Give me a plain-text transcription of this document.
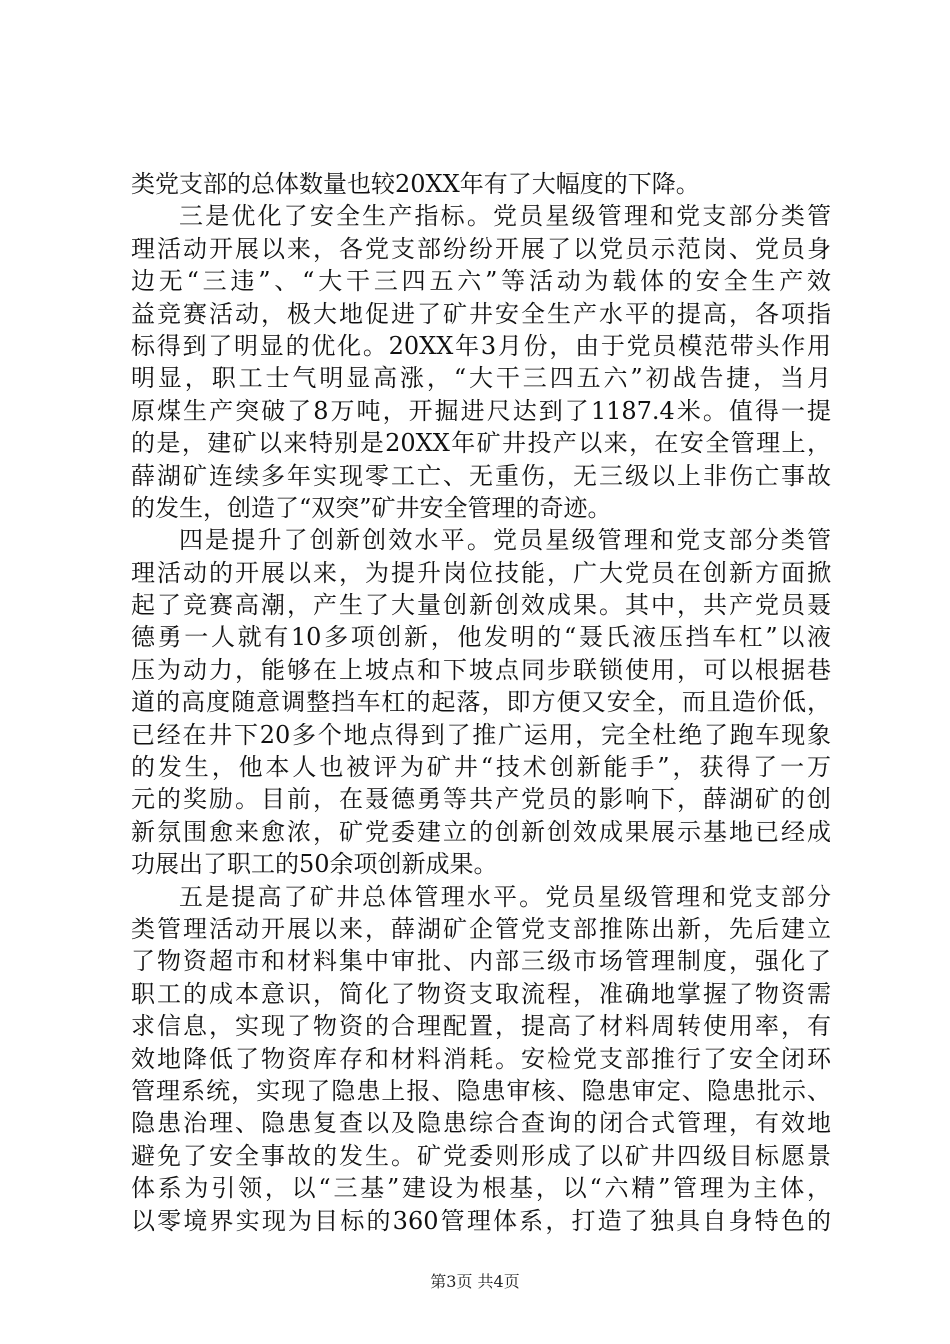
类党支部的总体数量也较20XX年有了大幅度的下降。
三是优化了安全生产指标。党员星级管理和党支部分类管
理活动开展以来，各党支部纷纷开展了以党员示范岗、党员身
边无“三违”、“大干三四五六”等活动为载体的安全生产效
益竞赛活动，极大地促进了矿井安全生产水平的提高，各项指
标得到了明显的优化。20XX年3月份，由于党员模范带头作用
明显，职工士气明显高涨，“大干三四五六”初战告捷，当月
原煤生产突破了8万吨，开掘进尺达到了1187.4米。值得一提
的是，建矿以来特别是20XX年矿井投产以来，在安全管理上，
薛湖矿连续多年实现零工亡、无重伤，无三级以上非伤亡事故
的发生，创造了“双突”矿井安全管理的奇迹。
四是提升了创新创效水平。党员星级管理和党支部分类管
理活动的开展以来，为提升岗位技能，广大党员在创新方面掀
起了竞赛高潮，产生了大量创新创效成果。其中，共产党员聂
德勇一人就有10多项创新，他发明的“聂氏液压挡车杠”以液
压为动力，能够在上坡点和下坡点同步联锁使用，可以根据巷
道的高度随意调整挡车杠的起落，即方便又安全，而且造价低，
已经在井下20多个地点得到了推广运用，完全杜绝了跑车现象
的发生，他本人也被评为矿井“技术创新能手”，获得了一万
元的奖励。目前，在聂德勇等共产党员的影响下，薛湖矿的创
新氛围愈来愈浓，矿党委建立的创新创效成果展示基地已经成
功展出了职工的50余项创新成果。
五是提高了矿井总体管理水平。党员星级管理和党支部分
类管理活动开展以来，薛湖矿企管党支部推陈出新，先后建立
了物资超市和材料集中审批、内部三级市场管理制度，强化了
职工的成本意识，简化了物资支取流程，准确地掌握了物资需
求信息，实现了物资的合理配置，提高了材料周转使用率，有
效地降低了物资库存和材料消耗。安检党支部推行了安全闭环
管理系统，实现了隐患上报、隐患审核、隐患审定、隐患批示、
隐患治理、隐患复查以及隐患综合查询的闭合式管理，有效地
避免了安全事故的发生。矿党委则形成了以矿井四级目标愿景
体系为引领，以“三基”建设为根基，以“六精”管理为主体，
以零境界实现为目标的360管理体系，打造了独具自身特色的
第3页 共4页
